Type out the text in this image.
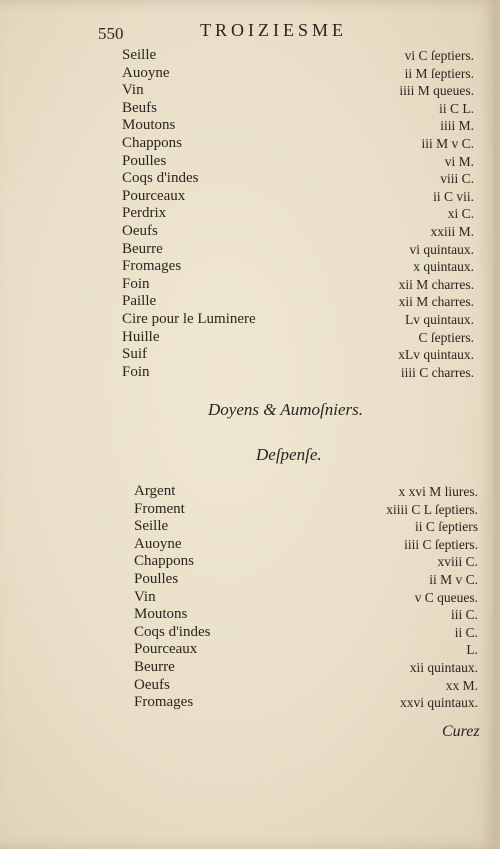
550	TROIZIESME
Seille	vi C ſeptiers.
Auoyne	ii M ſeptiers.
Vin	iiii M queues.
Beufs	ii C L.
Moutons	iiii M.
Chappons	iii M v C.
Poulles	vi M.
Coqs d'indes	viii C.
Pourceaux	ii C vii.
Perdrix	xi C.
Oeufs	xxiii M.
Beurre	vi quintaux.
Fromages	x quintaux.
Foin	xii M charres.
Paille	xii M charres.
Cire pour le Luminere	Lv quintaux.
Huille	C ſeptiers.
Suif	xLv quintaux.
Foin	iiii C charres.
Doyens & Aumoſniers.
Deſpenſe.
Argent	x xvi M liures.
Froment	xiiii C L ſeptiers.
Seille	ii C ſeptiers
Auoyne	iiii C ſeptiers.
Chappons	xviii C.
Poulles	ii M v C.
Vin	v C queues.
Moutons	iii C.
Coqs d'indes	ii C.
Pourceaux	L.
Beurre	xii quintaux.
Oeufs	xx M.
Fromages	xxvi quintaux.
Curez
